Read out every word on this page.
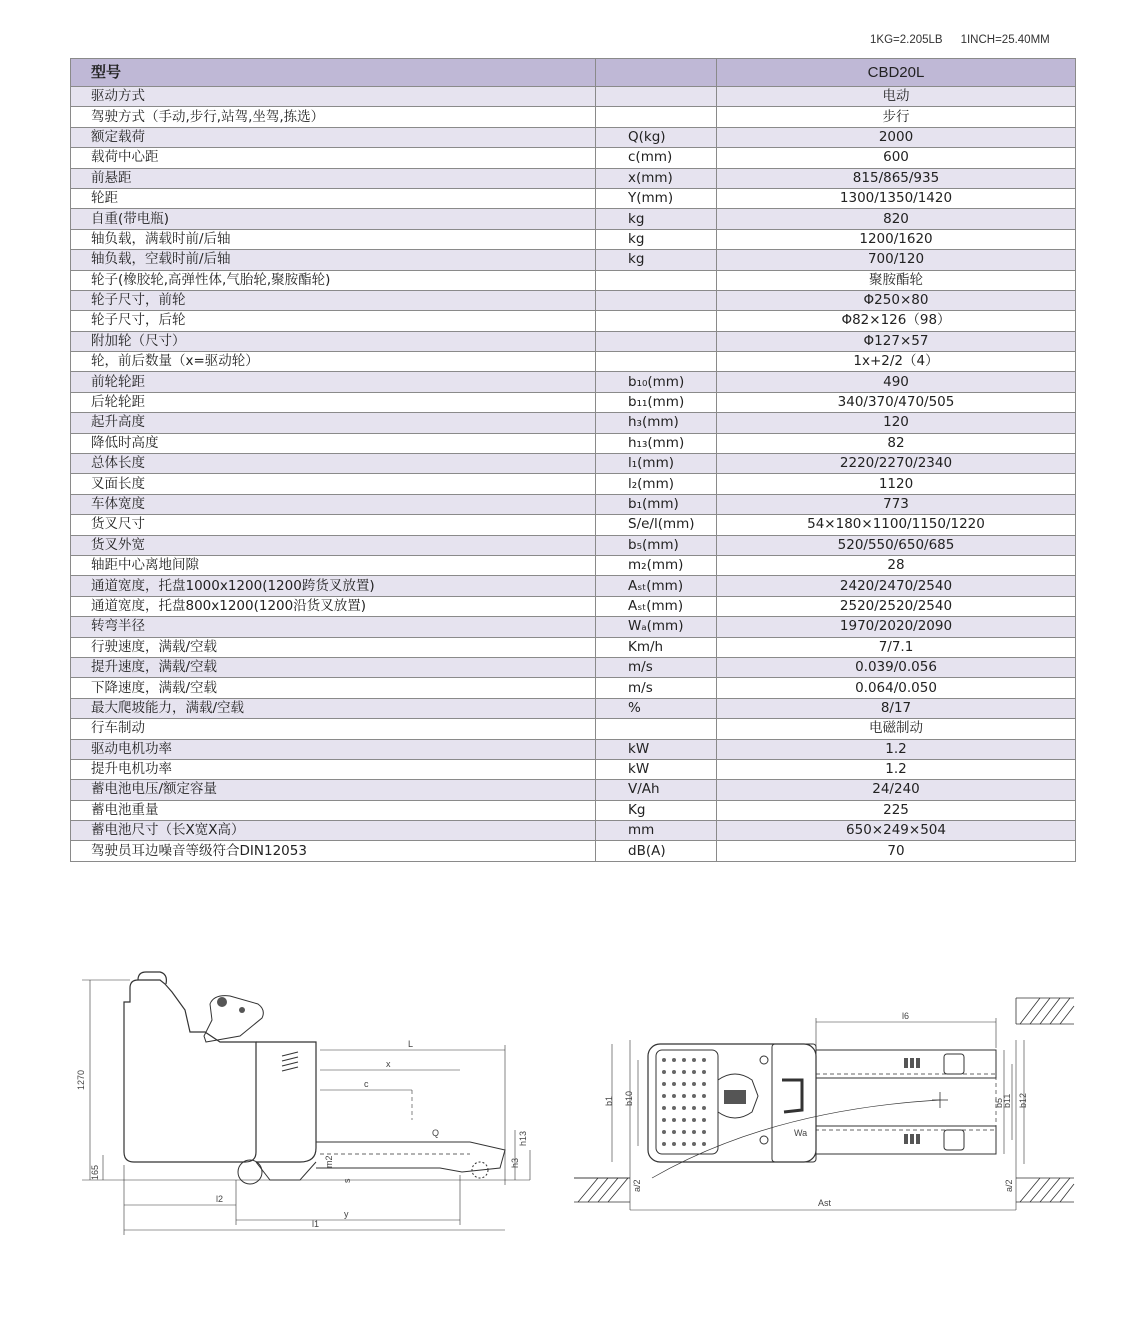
1KG=2.205LB 1INCH=25.40MM
型号		CBD20L
驱动方式		电动
驾驶方式（手动,步行,站驾,坐驾,拣选）		步行
额定载荷	Q(kg)	2000
载荷中心距	c(mm)	600
前悬距	x(mm)	815/865/935
轮距	Y(mm)	1300/1350/1420
自重(带电瓶)	kg	820
轴负载，满载时前/后轴	kg	1200/1620
轴负载，空载时前/后轴	kg	700/120
轮子(橡胶轮,高弹性体,气胎轮,聚胺酯轮)		聚胺酯轮
轮子尺寸，前轮		Φ250×80
轮子尺寸，后轮		Φ82×126（98）
附加轮（尺寸）		Φ127×57
轮，前后数量（x=驱动轮）		1x+2/2（4）
前轮轮距	b₁₀(mm)	490
后轮轮距	b₁₁(mm)	340/370/470/505
起升高度	h₃(mm)	120
降低时高度	h₁₃(mm)	82
总体长度	l₁(mm)	2220/2270/2340
叉面长度	l₂(mm)	1120
车体宽度	b₁(mm)	773
货叉尺寸	S/e/l(mm)	54×180×1100/1150/1220
货叉外宽	b₅(mm)	520/550/650/685
轴距中心离地间隙	m₂(mm)	28
通道宽度，托盘1000x1200(1200跨货叉放置)	Aₛₜ(mm)	2420/2470/2540
通道宽度，托盘800x1200(1200沿货叉放置)	Aₛₜ(mm)	2520/2520/2540
转弯半径	Wₐ(mm)	1970/2020/2090
行驶速度，满载/空载	Km/h	7/7.1
提升速度，满载/空载	m/s	0.039/0.056
下降速度，满载/空载	m/s	0.064/0.050
最大爬坡能力，满载/空载	%	8/17
行车制动		电磁制动
驱动电机功率	kW	1.2
提升电机功率	kW	1.2
蓄电池电压/额定容量	V/Ah	24/240
蓄电池重量	Kg	225
蓄电池尺寸（长X宽X高）	mm	650×249×504
驾驶员耳边噪音等级符合DIN12053	dB(A)	70
1270
165
L
x
c
Q	h13
h3
m2
s
l2
y
l1
l6
b1 b10	b5
b11 b12
Wa
a/2	a/2
Ast
